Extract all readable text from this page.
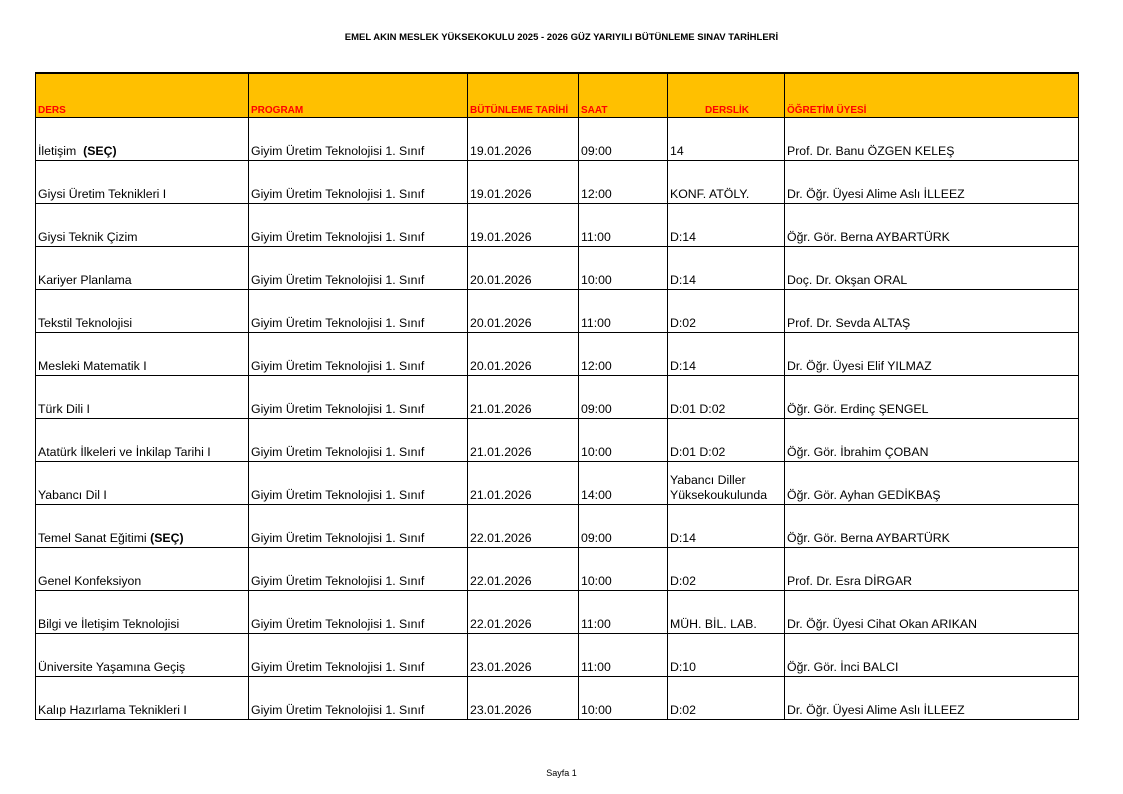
EMEL AKIN MESLEK YÜKSEKOKULU 2025 - 2026 GÜZ YARIYILI BÜTÜNLEME SINAV TARİHLERİ
DERS	PROGRAM	BÜTÜNLEME TARİHİ	SAAT	DERSLİK	ÖĞRETİM ÜYESİ
İletişim  (SEÇ)	Giyim Üretim Teknolojisi 1. Sınıf	19.01.2026	09:00	14	Prof. Dr. Banu ÖZGEN KELEŞ
Giysi Üretim Teknikleri I	Giyim Üretim Teknolojisi 1. Sınıf	19.01.2026	12:00	KONF. ATÖLY.	Dr. Öğr. Üyesi Alime Aslı İLLEEZ
Giysi Teknik Çizim	Giyim Üretim Teknolojisi 1. Sınıf	19.01.2026	11:00	D:14	Öğr. Gör. Berna AYBARTÜRK
Kariyer Planlama	Giyim Üretim Teknolojisi 1. Sınıf	20.01.2026	10:00	D:14	Doç. Dr. Okşan ORAL
Tekstil Teknolojisi	Giyim Üretim Teknolojisi 1. Sınıf	20.01.2026	11:00	D:02	Prof. Dr. Sevda ALTAŞ
Mesleki Matematik I	Giyim Üretim Teknolojisi 1. Sınıf	20.01.2026	12:00	D:14	Dr. Öğr. Üyesi Elif YILMAZ
Türk Dili I	Giyim Üretim Teknolojisi 1. Sınıf	21.01.2026	09:00	D:01 D:02	Öğr. Gör. Erdinç ŞENGEL
Atatürk İlkeleri ve İnkilap Tarihi I	Giyim Üretim Teknolojisi 1. Sınıf	21.01.2026	10:00	D:01 D:02	Öğr. Gör. İbrahim ÇOBAN
Yabancı Dil I	Giyim Üretim Teknolojisi 1. Sınıf	21.01.2026	14:00	Yabancı Diller Yüksekoukulunda	Öğr. Gör. Ayhan GEDİKBAŞ
Temel Sanat Eğitimi (SEÇ)	Giyim Üretim Teknolojisi 1. Sınıf	22.01.2026	09:00	D:14	Öğr. Gör. Berna AYBARTÜRK
Genel Konfeksiyon	Giyim Üretim Teknolojisi 1. Sınıf	22.01.2026	10:00	D:02	Prof. Dr. Esra DİRGAR
Bilgi ve İletişim Teknolojisi	Giyim Üretim Teknolojisi 1. Sınıf	22.01.2026	11:00	MÜH. BİL. LAB.	Dr. Öğr. Üyesi Cihat Okan ARIKAN
Üniversite Yaşamına Geçiş	Giyim Üretim Teknolojisi 1. Sınıf	23.01.2026	11:00	D:10	Öğr. Gör. İnci BALCI
Kalıp Hazırlama Teknikleri I	Giyim Üretim Teknolojisi 1. Sınıf	23.01.2026	10:00	D:02	Dr. Öğr. Üyesi Alime Aslı İLLEEZ
Sayfa 1
